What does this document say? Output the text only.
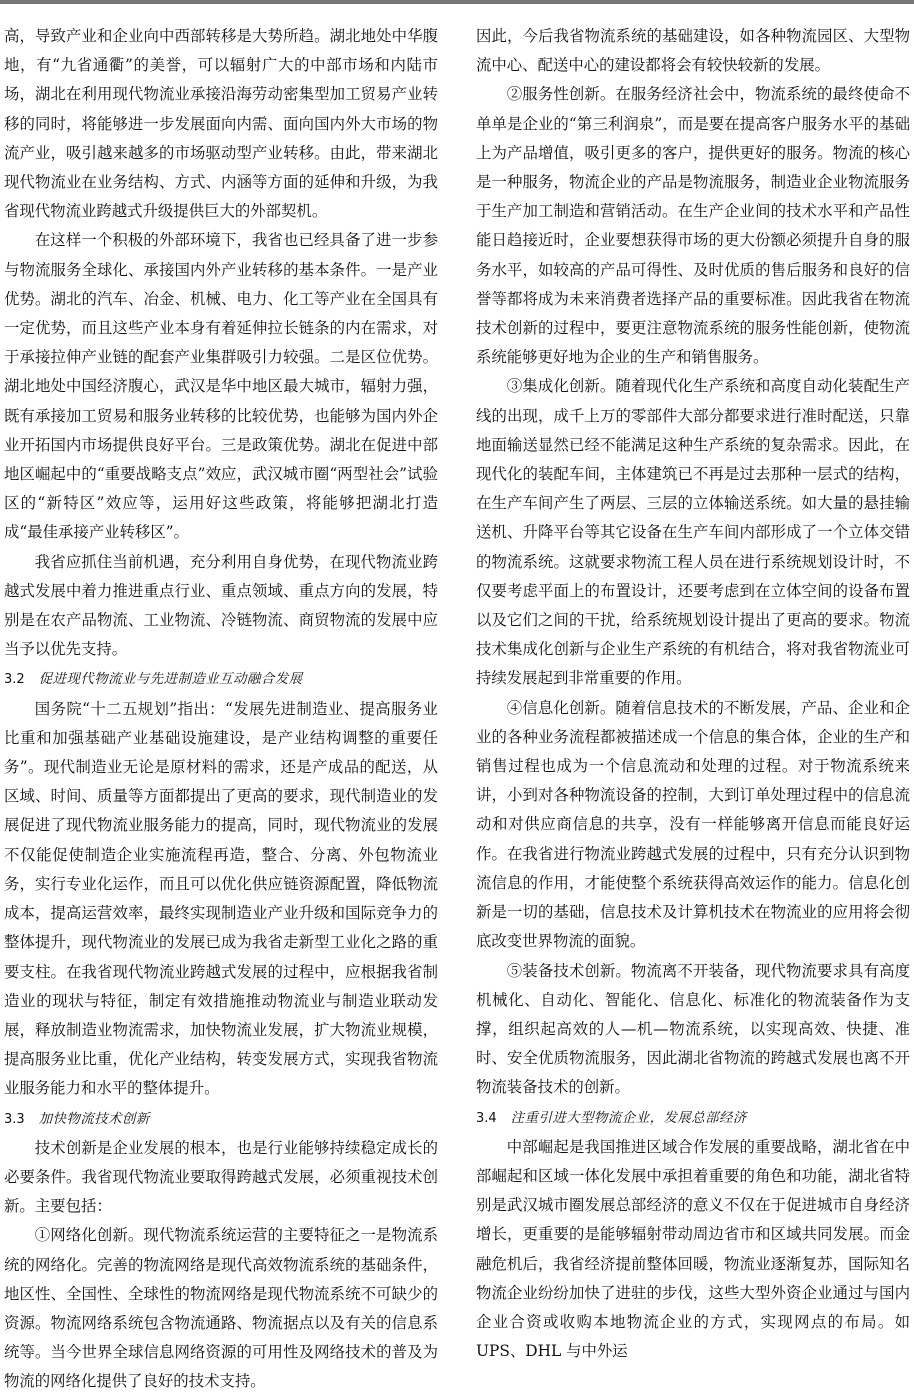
高，导致产业和企业向中西部转移是大势所趋。湖北地处中华腹地，有“九省通衢”的美誉，可以辐射广大的中部市场和内陆市场，湖北在利用现代物流业承接沿海劳动密集型加工贸易产业转移的同时，将能够进一步发展面向内需、面向国内外大市场的物流产业，吸引越来越多的市场驱动型产业转移。由此，带来湖北现代物流业在业务结构、方式、内涵等方面的延伸和升级，为我省现代物流业跨越式升级提供巨大的外部契机。

在这样一个积极的外部环境下，我省也已经具备了进一步参与物流服务全球化、承接国内外产业转移的基本条件。一是产业优势。湖北的汽车、冶金、机械、电力、化工等产业在全国具有一定优势，而且这些产业本身有着延伸拉长链条的内在需求，对于承接拉伸产业链的配套产业集群吸引力较强。二是区位优势。湖北地处中国经济腹心，武汉是华中地区最大城市，辐射力强，既有承接加工贸易和服务业转移的比较优势，也能够为国内外企业开拓国内市场提供良好平台。三是政策优势。湖北在促进中部地区崛起中的“重要战略支点”效应，武汉城市圈“两型社会”试验区的“新特区”效应等，运用好这些政策，将能够把湖北打造成“最佳承接产业转移区”。

我省应抓住当前机遇，充分利用自身优势，在现代物流业跨越式发展中着力推进重点行业、重点领域、重点方向的发展，特别是在农产品物流、工业物流、冷链物流、商贸物流的发展中应当予以优先支持。

3.2 促进现代物流业与先进制造业互动融合发展

国务院“十二五规划”指出：“发展先进制造业、提高服务业比重和加强基础产业基础设施建设，是产业结构调整的重要任务”。现代制造业无论是原材料的需求，还是产成品的配送，从区域、时间、质量等方面都提出了更高的要求，现代制造业的发展促进了现代物流业服务能力的提高，同时，现代物流业的发展不仅能促使制造企业实施流程再造，整合、分离、外包物流业务，实行专业化运作，而且可以优化供应链资源配置，降低物流成本，提高运营效率，最终实现制造业产业升级和国际竞争力的整体提升，现代物流业的发展已成为我省走新型工业化之路的重要支柱。在我省现代物流业跨越式发展的过程中，应根据我省制造业的现状与特征，制定有效措施推动物流业与制造业联动发展，释放制造业物流需求，加快物流业发展，扩大物流业规模，提高服务业比重，优化产业结构，转变发展方式，实现我省物流业服务能力和水平的整体提升。

3.3 加快物流技术创新

技术创新是企业发展的根本，也是行业能够持续稳定成长的必要条件。我省现代物流业要取得跨越式发展，必须重视技术创新。主要包括：

①网络化创新。现代物流系统运营的主要特征之一是物流系统的网络化。完善的物流网络是现代高效物流系统的基础条件，地区性、全国性、全球性的物流网络是现代物流系统不可缺少的资源。物流网络系统包含物流通路、物流据点以及有关的信息系统等。当今世界全球信息网络资源的可用性及网络技术的普及为物流的网络化提供了良好的技术支持。

因此，今后我省物流系统的基础建设，如各种物流园区、大型物流中心、配送中心的建设都将会有较快较新的发展。

②服务性创新。在服务经济社会中，物流系统的最终使命不单单是企业的“第三利润泉”，而是要在提高客户服务水平的基础上为产品增值，吸引更多的客户，提供更好的服务。物流的核心是一种服务，物流企业的产品是物流服务，制造业企业物流服务于生产加工制造和营销活动。在生产企业间的技术水平和产品性能日趋接近时，企业要想获得市场的更大份额必须提升自身的服务水平，如较高的产品可得性、及时优质的售后服务和良好的信誉等都将成为未来消费者选择产品的重要标准。因此我省在物流技术创新的过程中，要更注意物流系统的服务性能创新，使物流系统能够更好地为企业的生产和销售服务。

③集成化创新。随着现代化生产系统和高度自动化装配生产线的出现，成千上万的零部件大部分都要求进行准时配送，只靠地面输送显然已经不能满足这种生产系统的复杂需求。因此，在现代化的装配车间，主体建筑已不再是过去那种一层式的结构，在生产车间产生了两层、三层的立体输送系统。如大量的悬挂输送机、升降平台等其它设备在生产车间内部形成了一个立体交错的物流系统。这就要求物流工程人员在进行系统规划设计时，不仅要考虑平面上的布置设计，还要考虑到在立体空间的设备布置以及它们之间的干扰，给系统规划设计提出了更高的要求。物流技术集成化创新与企业生产系统的有机结合，将对我省物流业可持续发展起到非常重要的作用。

④信息化创新。随着信息技术的不断发展，产品、企业和企业的各种业务流程都被描述成一个信息的集合体，企业的生产和销售过程也成为一个信息流动和处理的过程。对于物流系统来讲，小到对各种物流设备的控制，大到订单处理过程中的信息流动和对供应商信息的共享，没有一样能够离开信息而能良好运作。在我省进行物流业跨越式发展的过程中，只有充分认识到物流信息的作用，才能使整个系统获得高效运作的能力。信息化创新是一切的基础，信息技术及计算机技术在物流业的应用将会彻底改变世界物流的面貌。

⑤装备技术创新。物流离不开装备，现代物流要求具有高度机械化、自动化、智能化、信息化、标准化的物流装备作为支撑，组织起高效的人—机—物流系统，以实现高效、快捷、准时、安全优质物流服务，因此湖北省物流的跨越式发展也离不开物流装备技术的创新。

3.4 注重引进大型物流企业，发展总部经济

中部崛起是我国推进区域合作发展的重要战略，湖北省在中部崛起和区域一体化发展中承担着重要的角色和功能，湖北省特别是武汉城市圈发展总部经济的意义不仅在于促进城市自身经济增长，更重要的是能够辐射带动周边省市和区域共同发展。而金融危机后，我省经济提前整体回暖，物流业逐渐复苏，国际知名物流企业纷纷加快了进驻的步伐，这些大型外资企业通过与国内企业合资或收购本地物流企业的方式，实现网点的布局。如 UPS、DHL 与中外运
